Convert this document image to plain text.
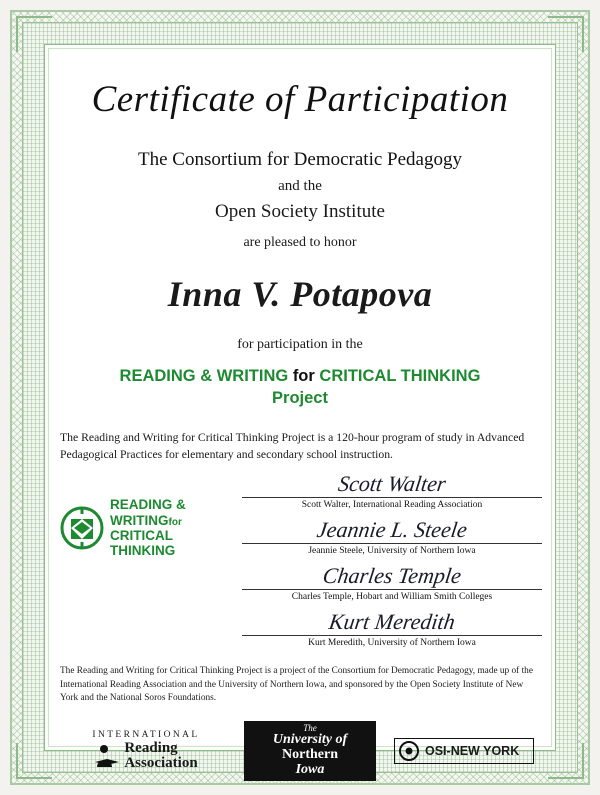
Certificate of Participation
The Consortium for Democratic Pedagogy
and the
Open Society Institute
are pleased to honor
Inna V. Potapova
for participation in the
READING & WRITING for CRITICAL THINKING
Project
The Reading and Writing for Critical Thinking Project is a 120-hour program of study in Advanced Pedagogical Practices for elementary and secondary school instruction.
READING &
WRITINGfor
CRITICAL
THINKING
Scott Walter
Scott Walter, International Reading Association
Jeannie L. Steele
Jeannie Steele, University of Northern Iowa
Charles Temple
Charles Temple, Hobart and William Smith Colleges
Kurt Meredith
Kurt Meredith, University of Northern Iowa
The Reading and Writing for Critical Thinking Project is a project of the Consortium for Democratic Pedagogy, made up of the International Reading Association and the University of Northern Iowa, and sponsored by the Open Society Institute of New York and the National Soros Foundations.
INTERNATIONAL
Reading
Association
The
University of
Northern
Iowa
OSI-NEW YORK
